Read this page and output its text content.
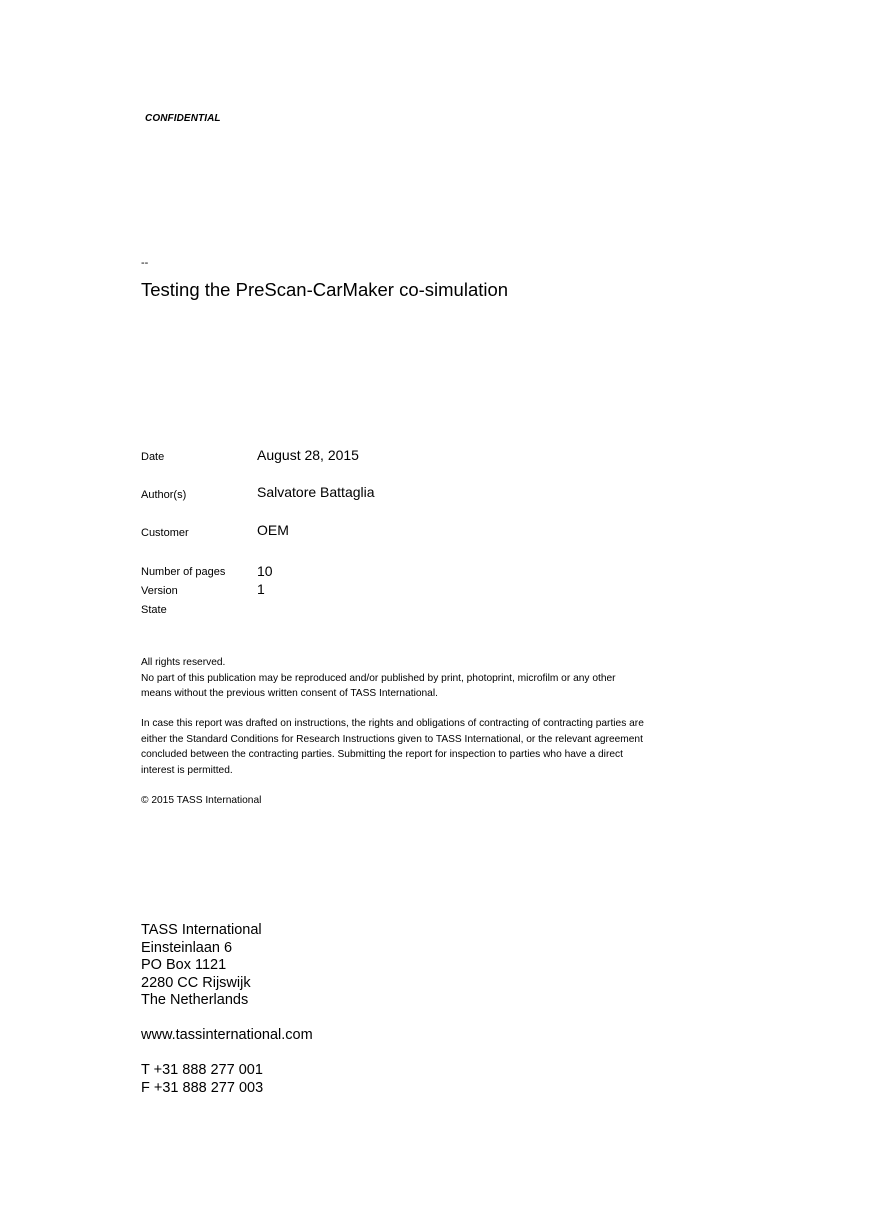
CONFIDENTIAL
--
Testing the PreScan-CarMaker co-simulation
Date	August 28, 2015
Author(s)	Salvatore Battaglia
Customer	OEM
Number of pages 10
Version	1
State

All rights reserved.

No part of this publication may be reproduced and/or published by print, photoprint, microfilm or any other

means without the previous written consent of TASS International.

In case this report was drafted on instructions, the rights and obligations of contracting of contracting parties are

either the Standard Conditions for Research Instructions given to TASS International, or the relevant agreement

concluded between the contracting parties. Submitting the report for inspection to parties who have a direct

interest is permitted.

© 2015 TASS International

TASS International
Einsteinlaan 6
PO Box 1121
2280 CC Rijswijk
The Netherlands
www.tassinternational.com
T +31 888 277 001
F +31 888 277 003
